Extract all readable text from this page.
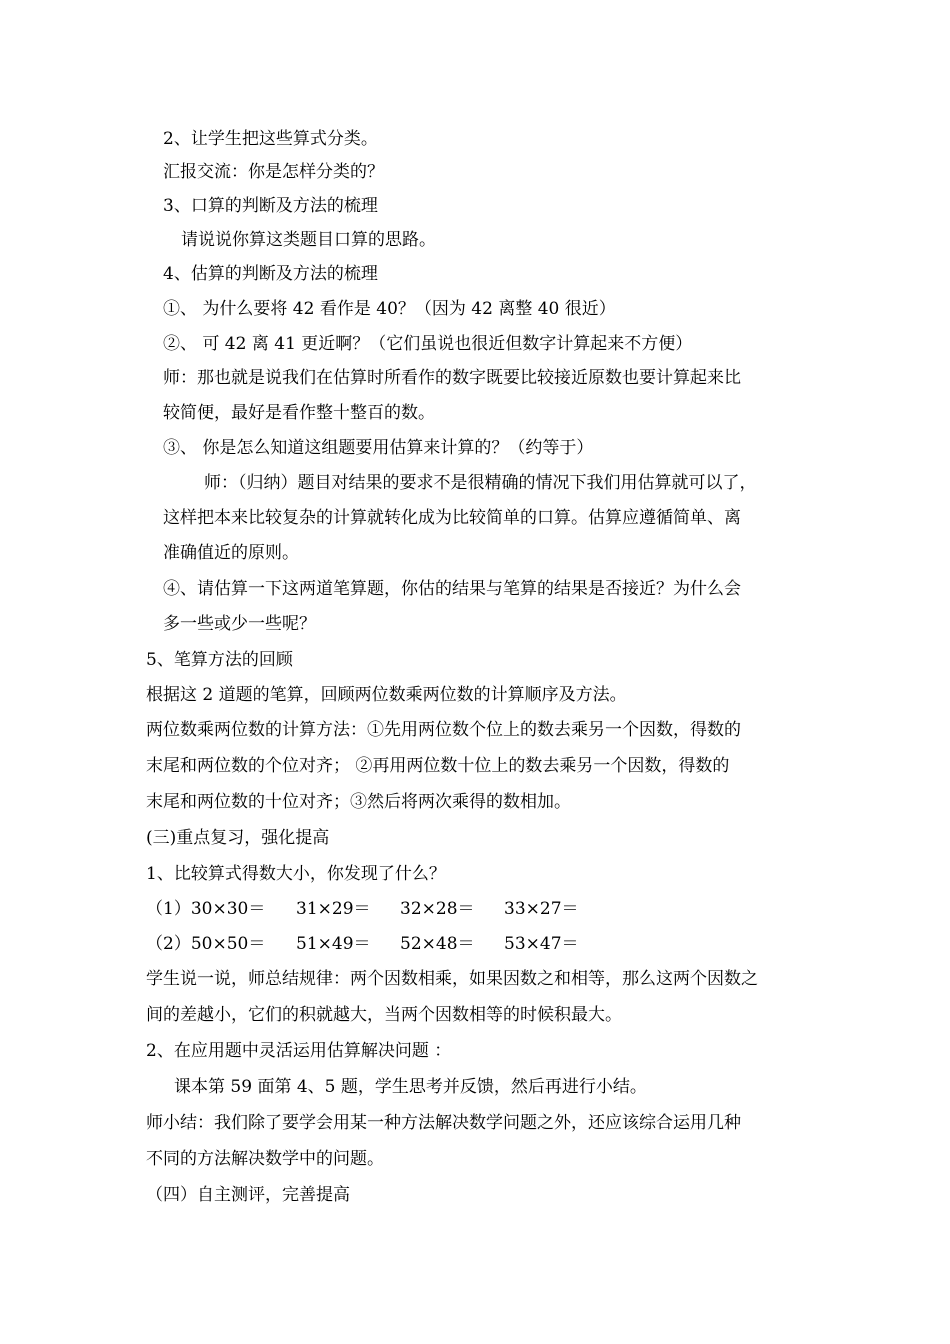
2、让学生把这些算式分类。
汇报交流：你是怎样分类的？
3、口算的判断及方法的梳理
请说说你算这类题目口算的思路。
4、估算的判断及方法的梳理
①、 为什么要将 42 看作是 40？（因为 42 离整 40 很近）
②、 可 42 离 41 更近啊？（它们虽说也很近但数字计算起来不方便）
师：那也就是说我们在估算时所看作的数字既要比较接近原数也要计算起来比
较简便，最好是看作整十整百的数。
③、 你是怎么知道这组题要用估算来计算的？（约等于）
师：（归纳）题目对结果的要求不是很精确的情况下我们用估算就可以了，
这样把本来比较复杂的计算就转化成为比较简单的口算。估算应遵循简单、离
准确值近的原则。
④、请估算一下这两道笔算题，你估的结果与笔算的结果是否接近？为什么会
多一些或少一些呢？
5、笔算方法的回顾
根据这 2 道题的笔算，回顾两位数乘两位数的计算顺序及方法。
两位数乘两位数的计算方法：①先用两位数个位上的数去乘另一个因数，得数的
末尾和两位数的个位对齐； ②再用两位数十位上的数去乘另一个因数，得数的
末尾和两位数的十位对齐；③然后将两次乘得的数相加。
(三)重点复习，强化提高
1、比较算式得数大小，你发现了什么？
（1）30×30＝ 31×29＝ 32×28＝ 33×27＝
（2）50×50＝ 51×49＝ 52×48＝ 53×47＝
学生说一说，师总结规律：两个因数相乘，如果因数之和相等，那么这两个因数之
间的差越小，它们的积就越大，当两个因数相等的时候积最大。
2、在应用题中灵活运用估算解决问题 ：
课本第 59 面第 4、5 题，学生思考并反馈，然后再进行小结。
师小结：我们除了要学会用某一种方法解决数学问题之外，还应该综合运用几种
不同的方法解决数学中的问题。
（四）自主测评，完善提高
